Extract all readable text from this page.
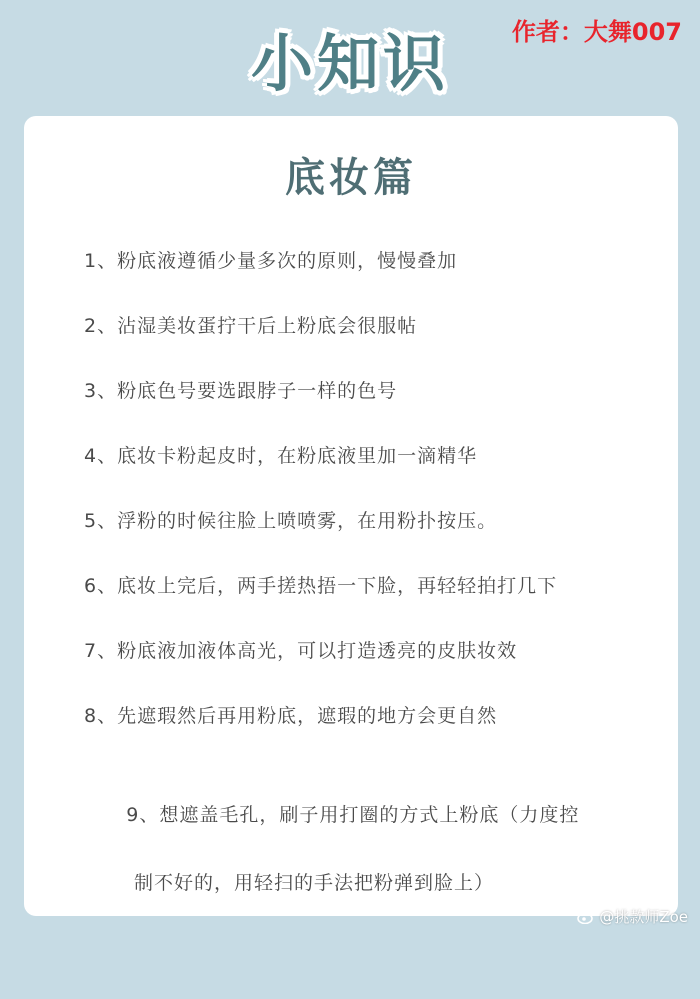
小知识	作者：大舞007
底妆篇
1、粉底液遵循少量多次的原则，慢慢叠加
2、沾湿美妆蛋拧干后上粉底会很服帖
3、粉底色号要选跟脖子一样的色号
4、底妆卡粉起皮时，在粉底液里加一滴精华
5、浮粉的时候往脸上喷喷雾，在用粉扑按压。
6、底妆上完后，两手搓热捂一下脸，再轻轻拍打几下
7、粉底液加液体高光，可以打造透亮的皮肤妆效
8、先遮瑕然后再用粉底，遮瑕的地方会更自然

9、想遮盖毛孔，刷子用打圈的方式上粉底（力度控

制不好的，用轻扫的手法把粉弹到脸上）

@挑款师Zoe
